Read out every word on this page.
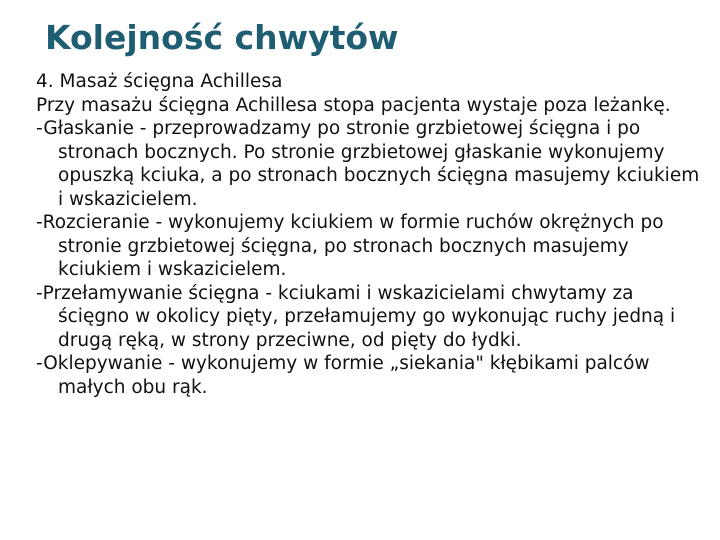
Kolejność chwytów
4. Masaż ścięgna Achillesa
Przy masażu ścięgna Achillesa stopa pacjenta wystaje poza leżankę.
-Głaskanie - przeprowadzamy po stronie grzbietowej ścięgna i po stronach bocznych. Po stronie grzbietowej głaskanie wykonujemy opuszką kciuka, a po stronach bocznych ścięgna masujemy kciukiem i wskazicielem.
-Rozcieranie - wykonujemy kciukiem w formie ruchów okrężnych po stronie grzbietowej ścięgna, po stronach bocznych masujemy kciukiem i wskazicielem.
-Przełamywanie ścięgna - kciukami i wskazicielami chwytamy za ścięgno w okolicy pięty, przełamujemy go wykonując ruchy jedną i drugą ręką, w strony przeciwne, od pięty do łydki.
-Oklepywanie - wykonujemy w formie „siekania" kłębikami palców małych obu rąk.
